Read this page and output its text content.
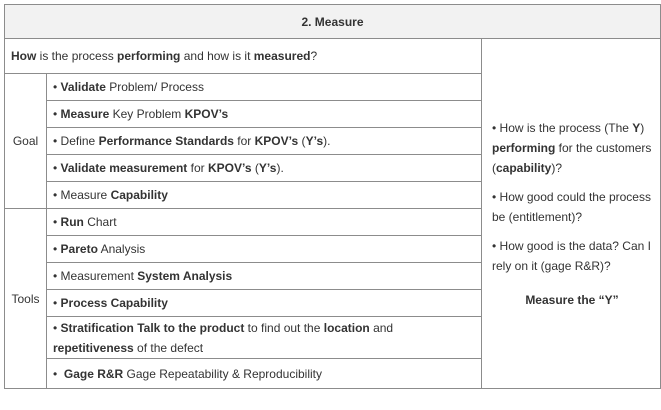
2. Measure		
How is the process performing and how is it measured?		• How is the process (The Y) performing for the customers (capability)?

• How good could the process be (entitlement)?

• How good is the data? Can I rely on it (gage R&R)?

Measure the “Y”

Goal	• Validate Problem/ Process	
	• Measure Key Problem KPOV’s	
	• Define Performance Standards for KPOV’s (Y’s).	
	• Validate measurement for KPOV’s (Y’s).	
	• Measure Capability	
Tools	• Run Chart	
	• Pareto Analysis	
	• Measurement System Analysis	
	• Process Capability	
	• Stratification Talk to the product to find out the location and repetitiveness of the defect	
	• Gage R&R Gage Repeatability & Reproducibility	
